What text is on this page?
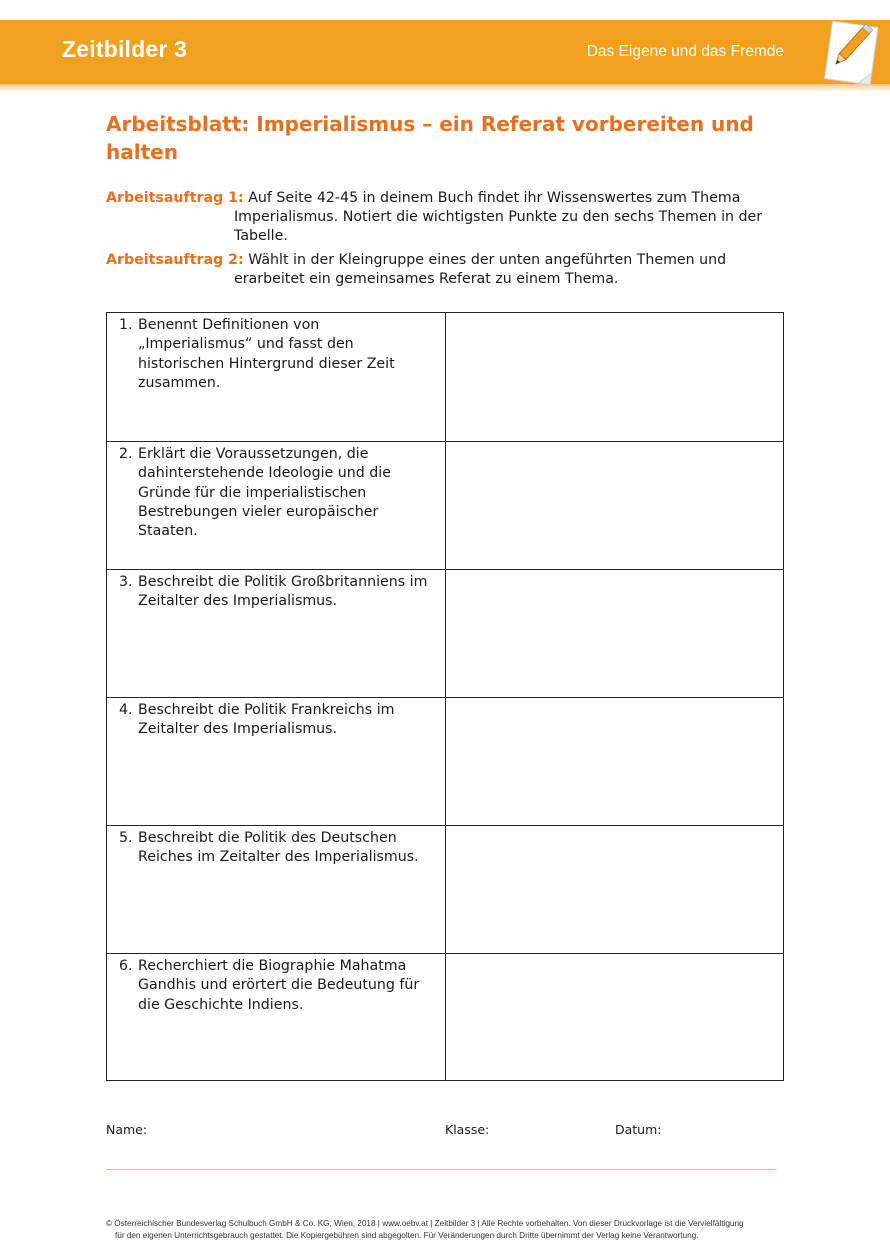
Zeitbilder 3	Das Eigene und das Fremde
Arbeitsblatt: Imperialismus – ein Referat vorbereiten und halten
Arbeitsauftrag 1: Auf Seite 42-45 in deinem Buch findet ihr Wissenswertes zum Thema
Imperialismus. Notiert die wichtigsten Punkte zu den sechs Themen in der
Tabelle.
Arbeitsauftrag 2: Wählt in der Kleingruppe eines der unten angeführten Themen und
erarbeitet ein gemeinsames Referat zu einem Thema.
1. Benennt Definitionen von „Imperialismus“ und fasst den historischen Hintergrund dieser Zeit zusammen.
2. Erklärt die Voraussetzungen, die dahinterstehende Ideologie und die Gründe für die imperialistischen Bestrebungen vieler europäischer Staaten.
3. Beschreibt die Politik Großbritanniens im Zeitalter des Imperialismus.
4. Beschreibt die Politik Frankreichs im Zeitalter des Imperialismus.
5. Beschreibt die Politik des Deutschen Reiches im Zeitalter des Imperialismus.
6. Recherchiert die Biographie Mahatma Gandhis und erörtert die Bedeutung für die Geschichte Indiens.
Name:	Klasse:	Datum:
© Österreichischer Bundesverlag Schulbuch GmbH & Co. KG, Wien, 2018 | www.oebv.at | Zeitbilder 3 | Alle Rechte vorbehalten. Von dieser Druckvorlage ist die Vervielfältigung
für den eigenen Unterrichtsgebrauch gestattet. Die Kopiergebühren sind abgegolten. Für Veränderungen durch Dritte übernimmt der Verlag keine Verantwortung.
